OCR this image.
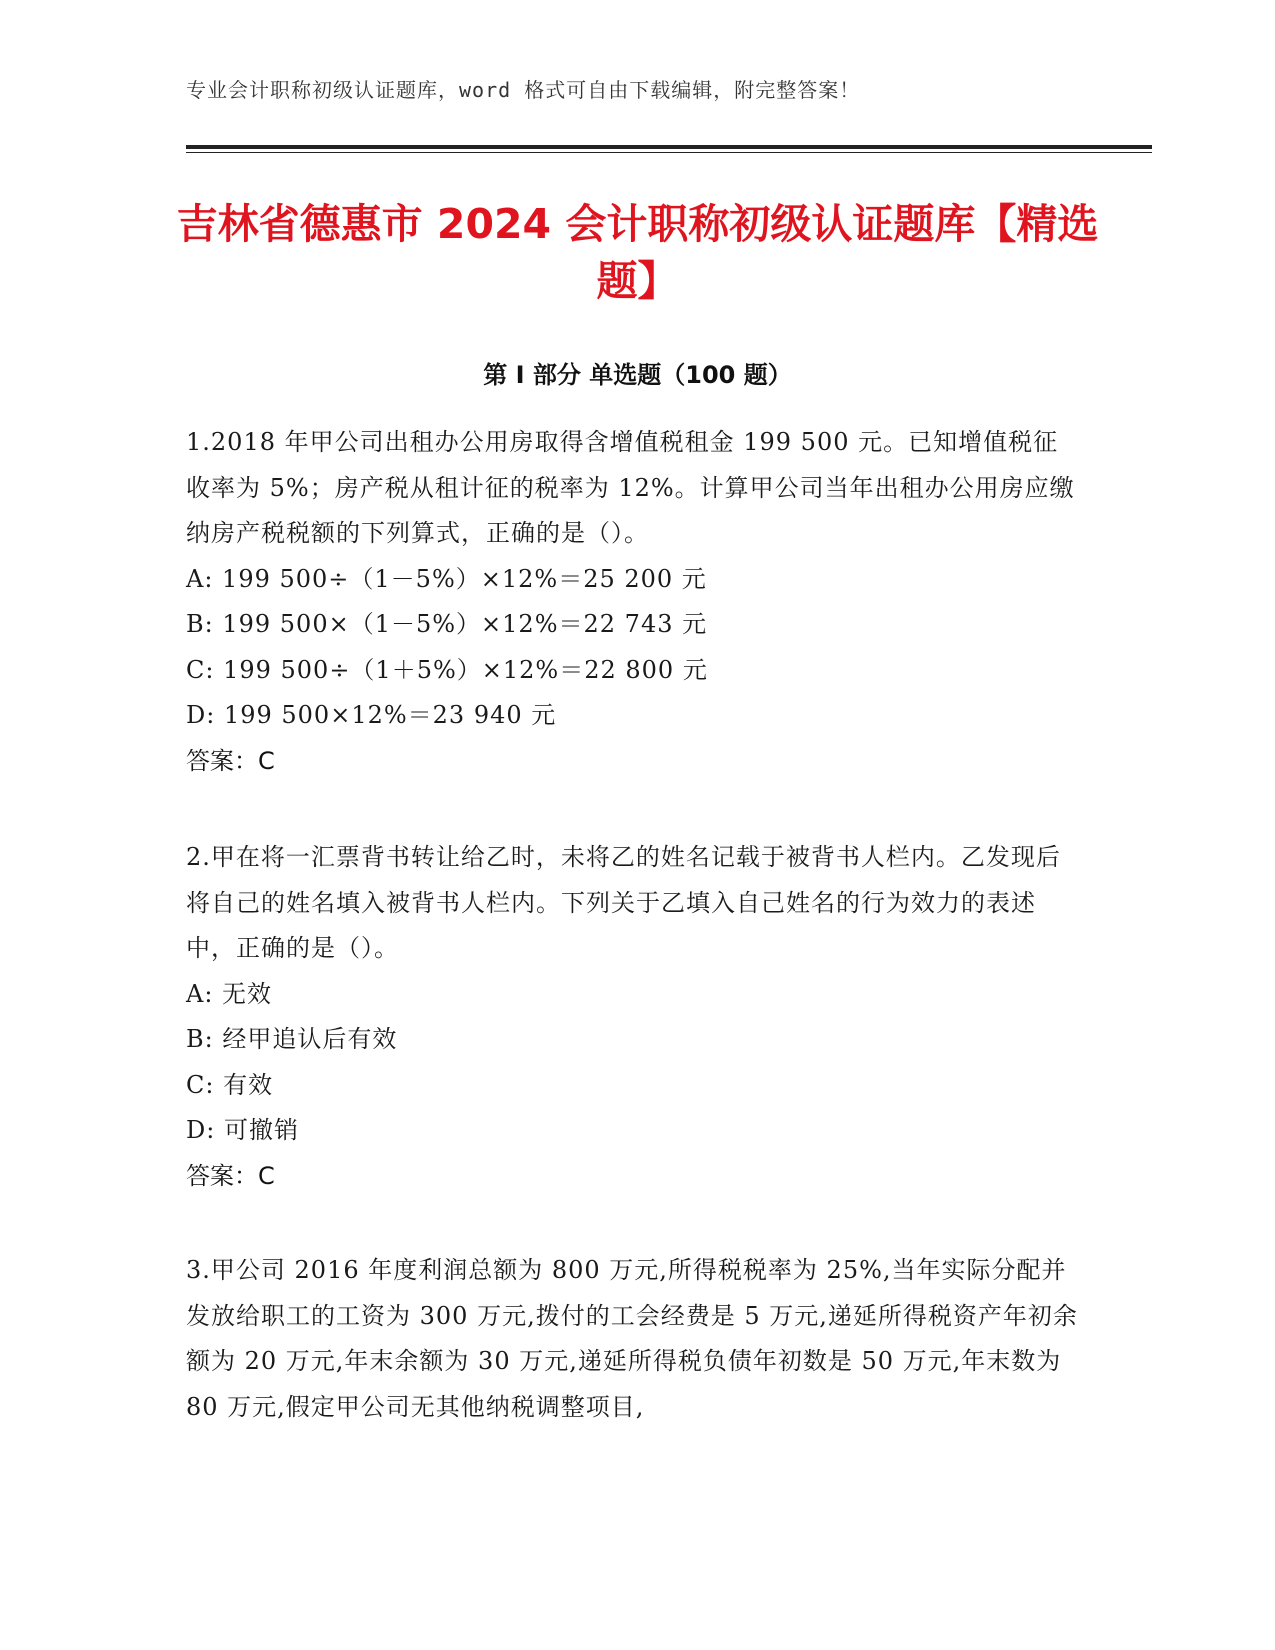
专业会计职称初级认证题库，word 格式可自由下载编辑，附完整答案！
吉林省德惠市 2024 会计职称初级认证题库【精选题】
第 I 部分 单选题（100 题）

1.2018 年甲公司出租办公用房取得含增值税租金 199 500 元。已知增值税征收率为 5%；房产税从租计征的税率为 12%。计算甲公司当年出租办公用房应缴纳房产税税额的下列算式，正确的是（）。

A: 199 500÷（1－5%）×12%＝25 200 元

B: 199 500×（1－5%）×12%＝22 743 元

C: 199 500÷（1＋5%）×12%＝22 800 元

D: 199 500×12%＝23 940 元

答案：C

2.甲在将一汇票背书转让给乙时，未将乙的姓名记载于被背书人栏内。乙发现后将自己的姓名填入被背书人栏内。下列关于乙填入自己姓名的行为效力的表述中，正确的是（）。

A: 无效

B: 经甲追认后有效

C: 有效

D: 可撤销

答案：C

3.甲公司 2016 年度利润总额为 800 万元,所得税税率为 25%,当年实际分配并发放给职工的工资为 300 万元,拨付的工会经费是 5 万元,递延所得税资产年初余额为 20 万元,年末余额为 30 万元,递延所得税负债年初数是 50 万元,年末数为 80 万元,假定甲公司无其他纳税调整项目,
